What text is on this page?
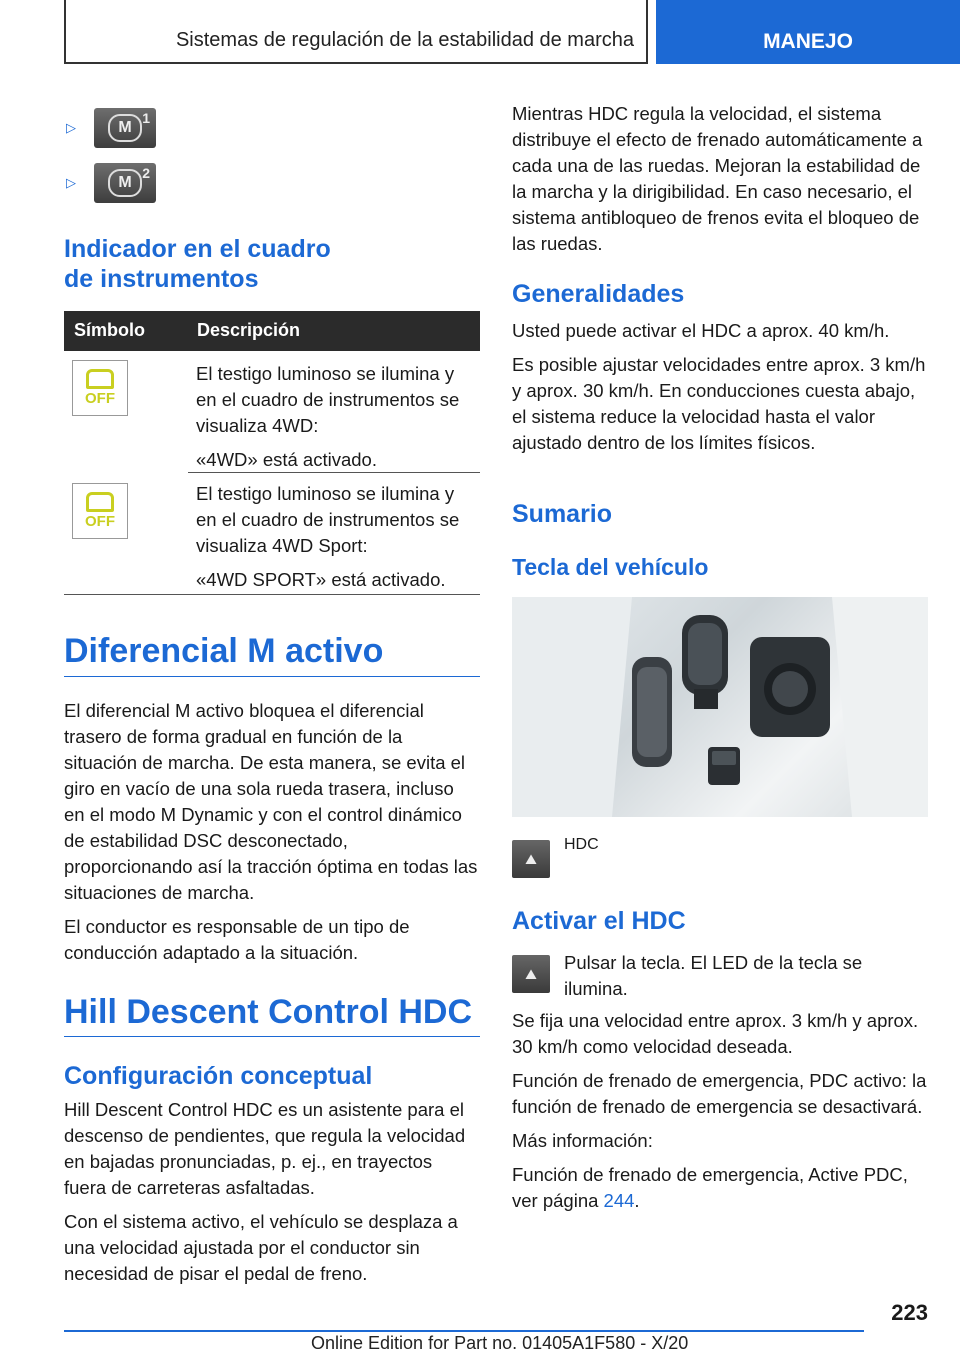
Sistemas de regulación de la estabilidad de marcha	MANEJO
▷	M
1
▷	M
2
Indicador en el cuadro
de instrumentos
Símbolo	Descripción
OFF

El testigo luminoso se ilumina y en el cuadro de instrumentos se visualiza 4WD:

«4WD» está activado.

OFF

El testigo luminoso se ilumina y en el cuadro de instrumentos se visualiza 4WD Sport:

«4WD SPORT» está activado.

Diferencial M activo

El diferencial M activo bloquea el diferencial trasero de forma gradual en función de la situación de marcha. De esta manera, se evita el giro en vacío de una sola rueda trasera, incluso en el modo M Dynamic y con el control dinámico de estabilidad DSC desconectado, proporcionando así la tracción óptima en todas las situaciones de marcha.

El conductor es responsable de un tipo de conducción adaptado a la situación.

Hill Descent Control HDC
Configuración conceptual

Hill Descent Control HDC es un asistente para el descenso de pendientes, que regula la velocidad en bajadas pronunciadas, p. ej., en trayectos fuera de carreteras asfaltadas.

Con el sistema activo, el vehículo se desplaza a una velocidad ajustada por el conductor sin necesidad de pisar el pedal de freno.

Mientras HDC regula la velocidad, el sistema distribuye el efecto de frenado automáticamente a cada una de las ruedas. Mejoran la estabilidad de la marcha y la dirigibilidad. En caso necesario, el sistema antibloqueo de frenos evita el bloqueo de las ruedas.

Generalidades

Usted puede activar el HDC a aprox. 40 km/h.

Es posible ajustar velocidades entre aprox. 3 km/h y aprox. 30 km/h. En conducciones cuesta abajo, el sistema reduce la velocidad hasta el valor ajustado dentro de los límites físicos.

Sumario
Tecla del vehículo
⛰
HDC
Activar el HDC
⛰

Pulsar la tecla. El LED de la tecla se ilumina.

Se fija una velocidad entre aprox. 3 km/h y aprox. 30 km/h como velocidad deseada.

Función de frenado de emergencia, PDC activo: la función de frenado de emergencia se desactivará.

Más información:

Función de frenado de emergencia, Active PDC, ver página 244.

223
Online Edition for Part no. 01405A1F580 - X/20
